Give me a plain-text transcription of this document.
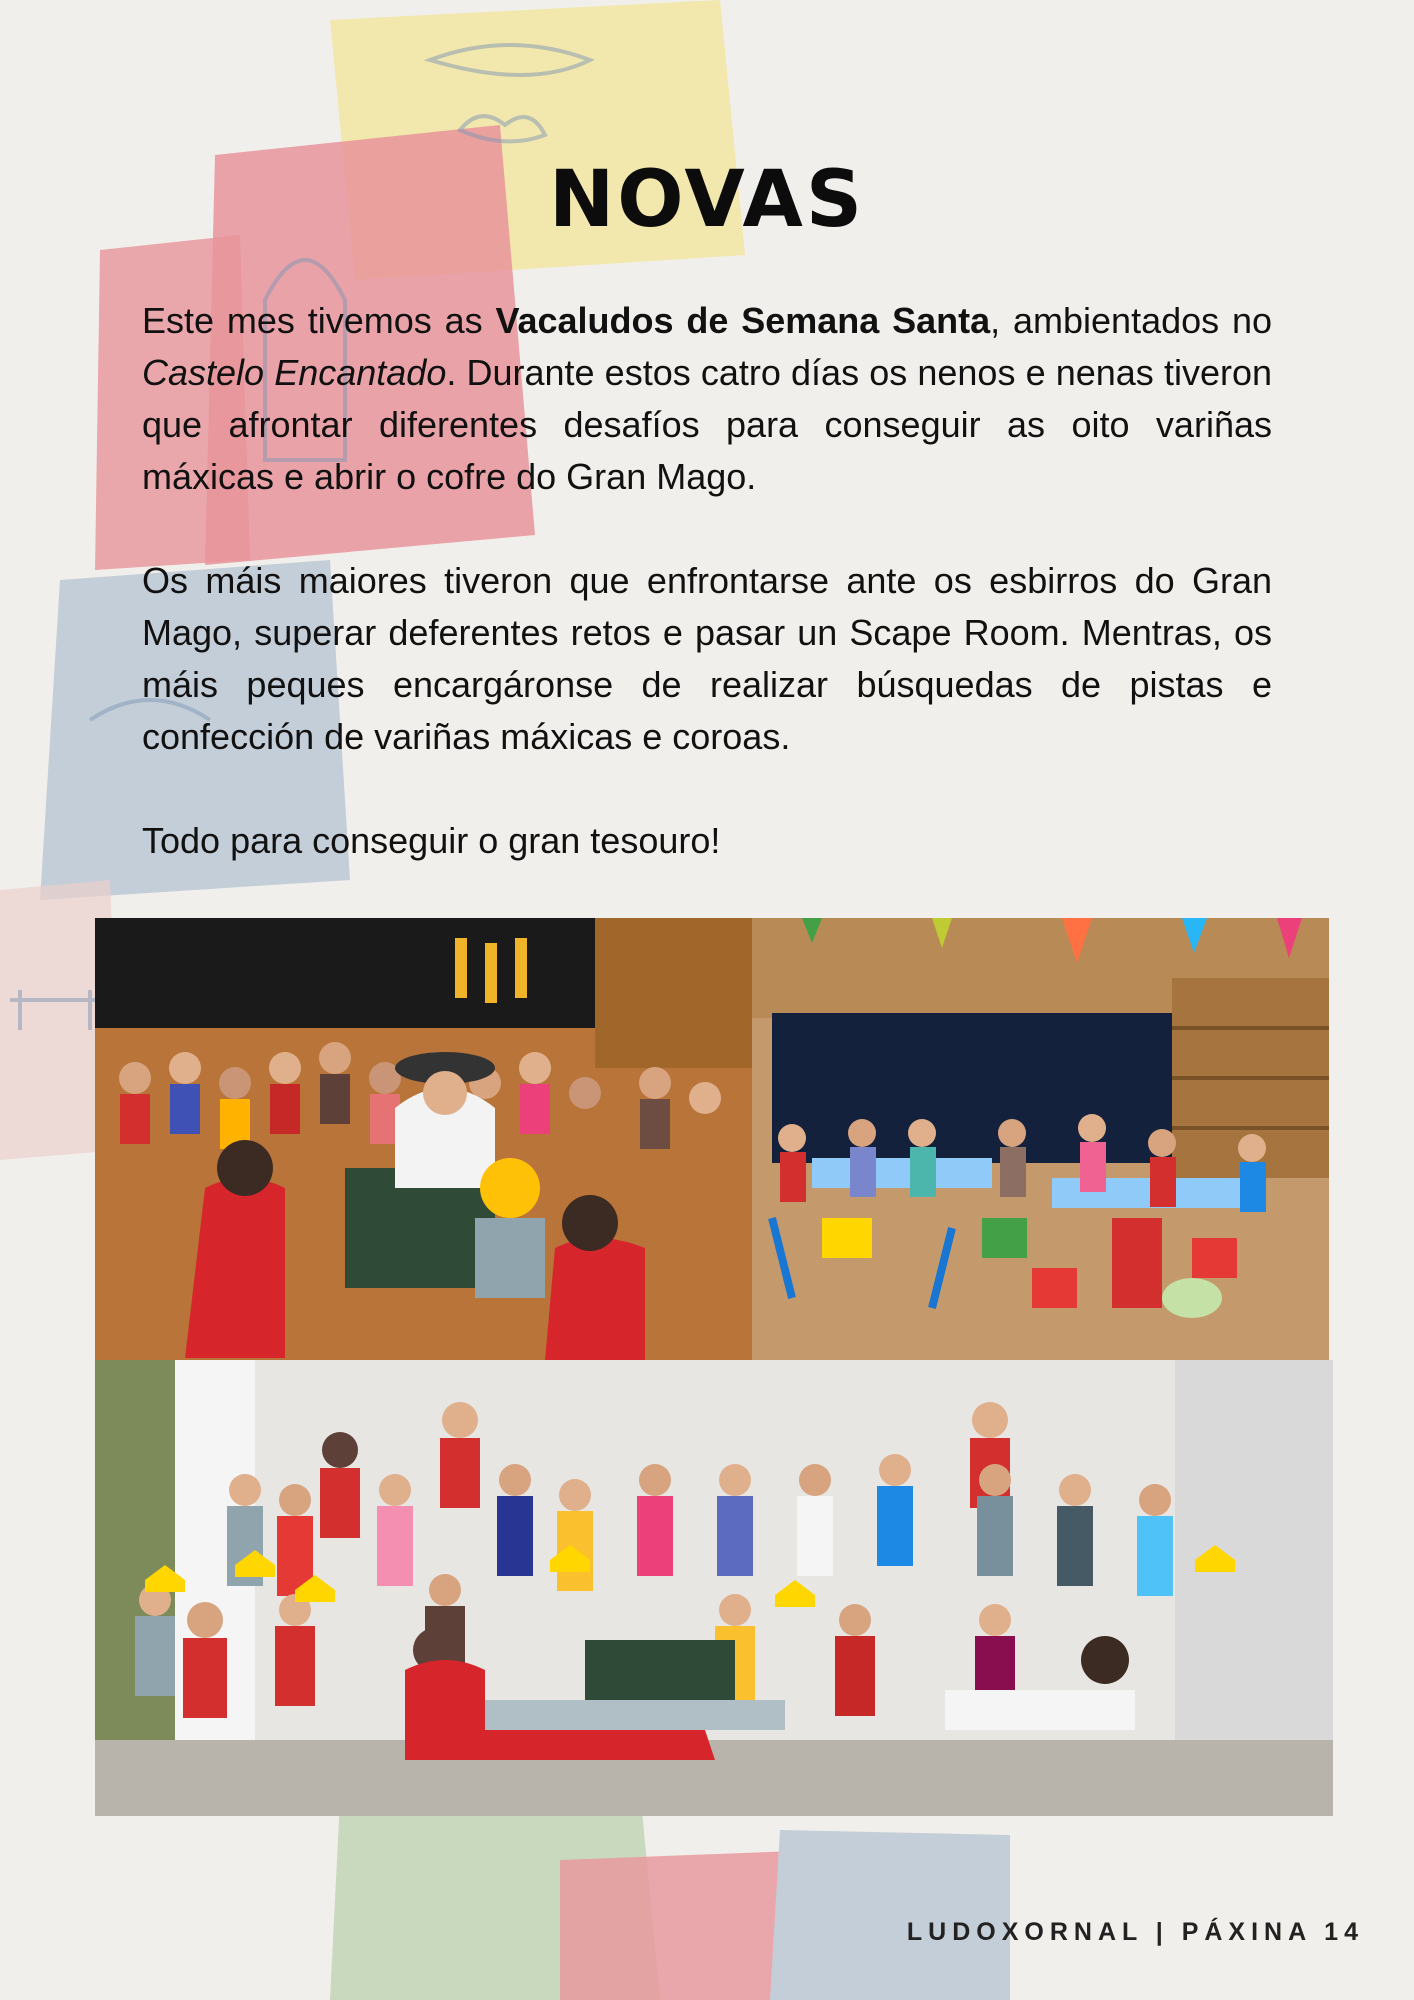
NOVAS

Este mes tivemos as Vacaludos de Semana Santa, ambientados no Castelo Encantado. Durante estos catro días os nenos e nenas tiveron que afrontar diferentes desafíos para conseguir as oito variñas máxicas e abrir o cofre do Gran Mago.

Os máis maiores tiveron que enfrontarse ante os esbirros do Gran Mago, superar deferentes retos e pasar un Scape Room. Mentras, os máis peques encargáronse de realizar búsquedas de pistas e confección de variñas máxicas e coroas.

Todo para conseguir o gran tesouro!

LUDOXORNAL | PÁXINA 14
